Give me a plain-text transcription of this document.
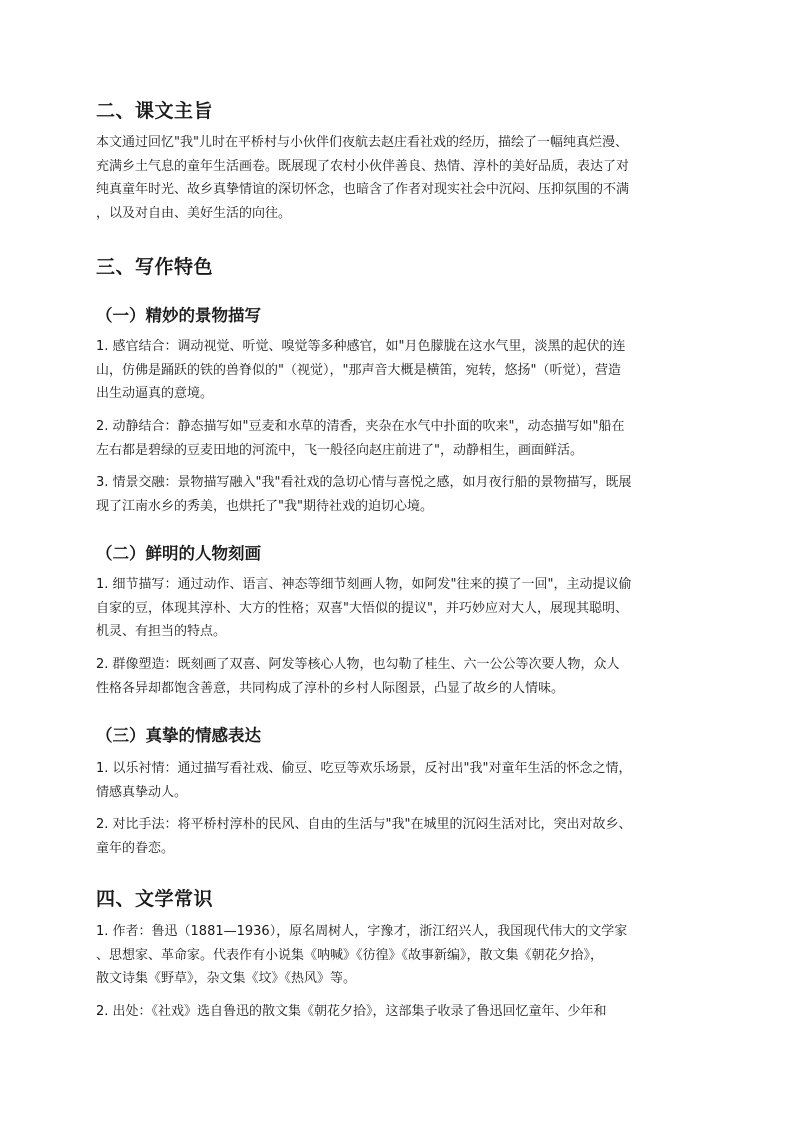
二、课文主旨
本文通过回忆"我"儿时在平桥村与小伙伴们夜航去赵庄看社戏的经历，描绘了一幅纯真烂漫、
充满乡土气息的童年生活画卷。既展现了农村小伙伴善良、热情、淳朴的美好品质，表达了对
纯真童年时光、故乡真挚情谊的深切怀念，也暗含了作者对现实社会中沉闷、压抑氛围的不满
，以及对自由、美好生活的向往。
三、写作特色
（一）精妙的景物描写
1. 感官结合：调动视觉、听觉、嗅觉等多种感官，如"月色朦胧在这水气里，淡黑的起伏的连
山，仿佛是踊跃的铁的兽脊似的"（视觉），"那声音大概是横笛，宛转，悠扬"（听觉），营造
出生动逼真的意境。
2. 动静结合：静态描写如"豆麦和水草的清香，夹杂在水气中扑面的吹来"，动态描写如"船在
左右都是碧绿的豆麦田地的河流中，飞一般径向赵庄前进了"，动静相生，画面鲜活。
3. 情景交融：景物描写融入"我"看社戏的急切心情与喜悦之感，如月夜行船的景物描写，既展
现了江南水乡的秀美，也烘托了"我"期待社戏的迫切心境。
（二）鲜明的人物刻画
1. 细节描写：通过动作、语言、神态等细节刻画人物，如阿发"往来的摸了一回"，主动提议偷
自家的豆，体现其淳朴、大方的性格；双喜"大悟似的提议"，并巧妙应对大人，展现其聪明、
机灵、有担当的特点。
2. 群像塑造：既刻画了双喜、阿发等核心人物，也勾勒了桂生、六一公公等次要人物，众人
性格各异却都饱含善意，共同构成了淳朴的乡村人际图景，凸显了故乡的人情味。
（三）真挚的情感表达
1. 以乐衬情：通过描写看社戏、偷豆、吃豆等欢乐场景，反衬出"我"对童年生活的怀念之情，
情感真挚动人。
2. 对比手法：将平桥村淳朴的民风、自由的生活与"我"在城里的沉闷生活对比，突出对故乡、
童年的眷恋。
四、文学常识
1. 作者：鲁迅（1881—1936），原名周树人，字豫才，浙江绍兴人，我国现代伟大的文学家
、思想家、革命家。代表作有小说集《呐喊》《彷徨》《故事新编》，散文集《朝花夕拾》，
散文诗集《野草》，杂文集《坟》《热风》等。
2. 出处：《社戏》选自鲁迅的散文集《朝花夕拾》，这部集子收录了鲁迅回忆童年、少年和
